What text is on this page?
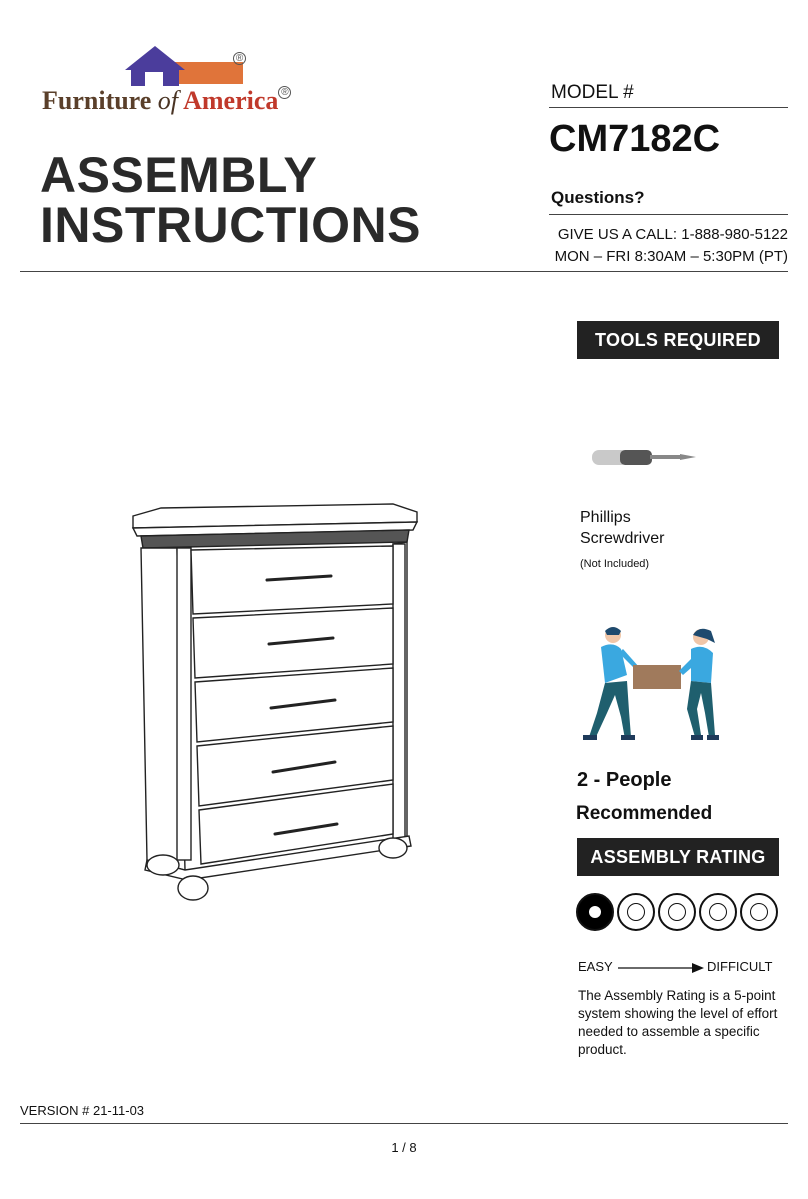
®
Furniture of America ®
ASSEMBLY
INSTRUCTIONS
MODEL #
CM7182C
Questions?
GIVE US A CALL: 1-888-980-5122
MON – FRI 8:30AM – 5:30PM (PT)
TOOLS REQUIRED
Phillips
Screwdriver
(Not Included)
2 - People
Recommended
ASSEMBLY RATING
EASY	DIFFICULT
The Assembly Rating is a 5-point system showing the level of effort needed to assemble a specific product.
VERSION # 21-11-03
1 / 8
